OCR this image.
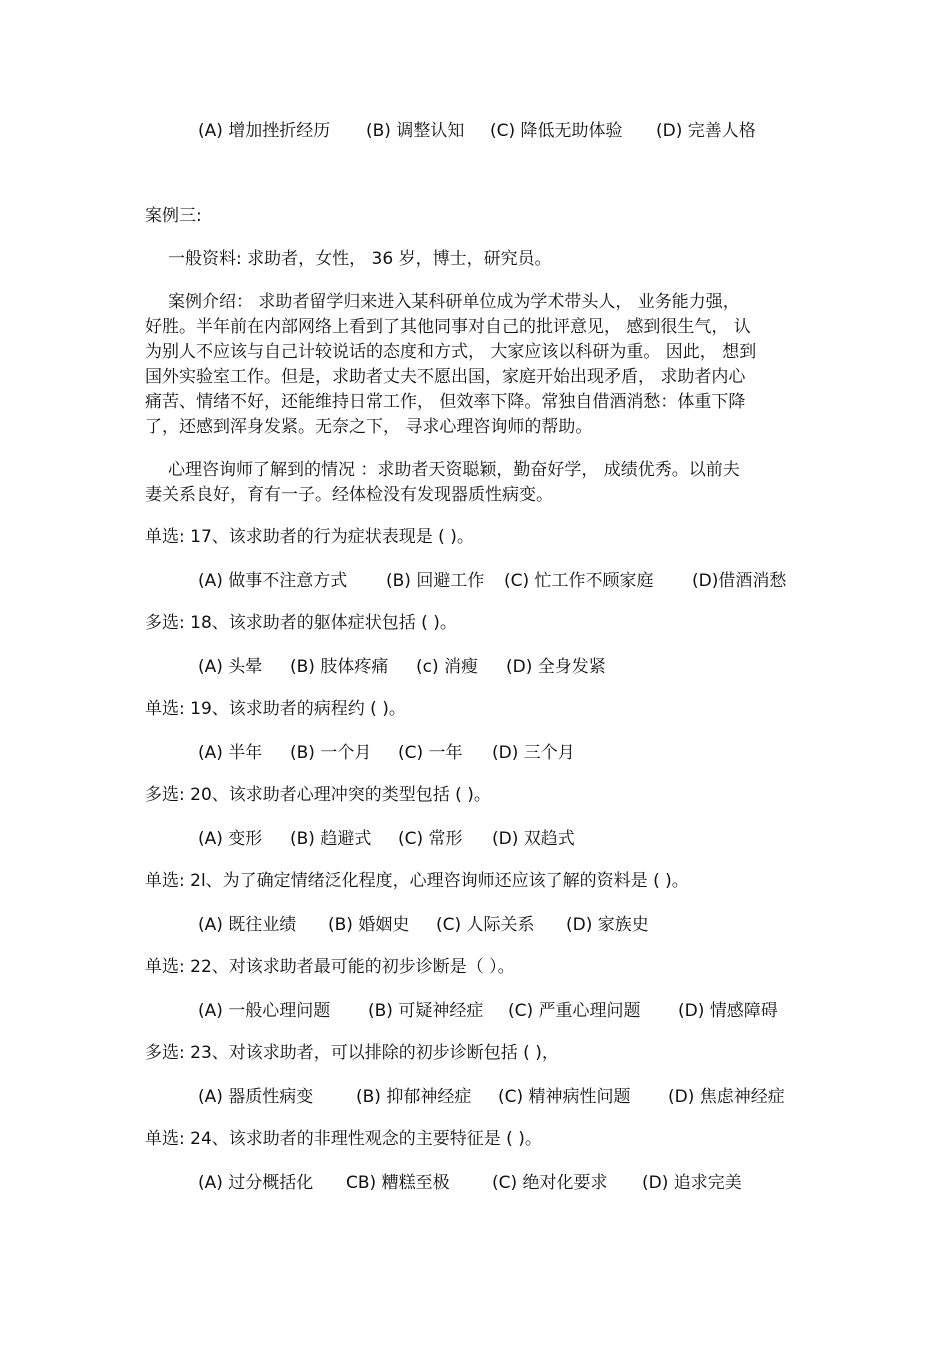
(A) 增加挫折经历 (B) 调整认知 (C) 降低无助体验 (D) 完善人格
案例三:
一般资料: 求助者，女性， 36 岁，博士，研究员。
案例介绍： 求助者留学归来进入某科研单位成为学术带头人， 业务能力强，
好胜。半年前在内部网络上看到了其他同事对自己的批评意见， 感到很生气， 认
为别人不应该与自己计较说话的态度和方式， 大家应该以科研为重。 因此， 想到
国外实验室工作。但是，求助者丈夫不愿出国，家庭开始出现矛盾， 求助者内心
痛苦、情绪不好，还能维持日常工作， 但效率下降。常独自借酒消愁：体重下降
了，还感到浑身发紧。无奈之下， 寻求心理咨询师的帮助。
心理咨询师了解到的情况 ：求助者天资聪颖，勤奋好学， 成绩优秀。以前夫
妻关系良好，育有一子。经体检没有发现器质性病变。
单选: 17、该求助者的行为症状表现是 ( )。
(A) 做事不注意方式 (B) 回避工作 (C) 忙工作不顾家庭 (D)借酒消愁
多选: 18、该求助者的躯体症状包括 ( )。
(A) 头晕 (B) 肢体疼痛 (c) 消瘦 (D) 全身发紧
单选: 19、该求助者的病程约 ( )。
(A) 半年 (B) 一个月 (C) 一年 (D) 三个月
多选: 20、该求助者心理冲突的类型包括 ( )。
(A) 变形 (B) 趋避式 (C) 常形 (D) 双趋式
单选: 2l、为了确定情绪泛化程度，心理咨询师还应该了解的资料是 ( )。
(A) 既往业绩 (B) 婚姻史 (C) 人际关系 (D) 家族史
单选: 22、对该求助者最可能的初步诊断是（ ）。
(A) 一般心理问题 (B) 可疑神经症 (C) 严重心理问题 (D) 情感障碍
多选: 23、对该求助者，可以排除的初步诊断包括 ( )，
(A) 器质性病变	(B) 抑郁神经症 (C) 精神病性问题 (D) 焦虑神经症
单选: 24、该求助者的非理性观念的主要特征是 ( )。
(A) 过分概括化 CB) 糟糕至极 (C) 绝对化要求 (D) 追求完美
